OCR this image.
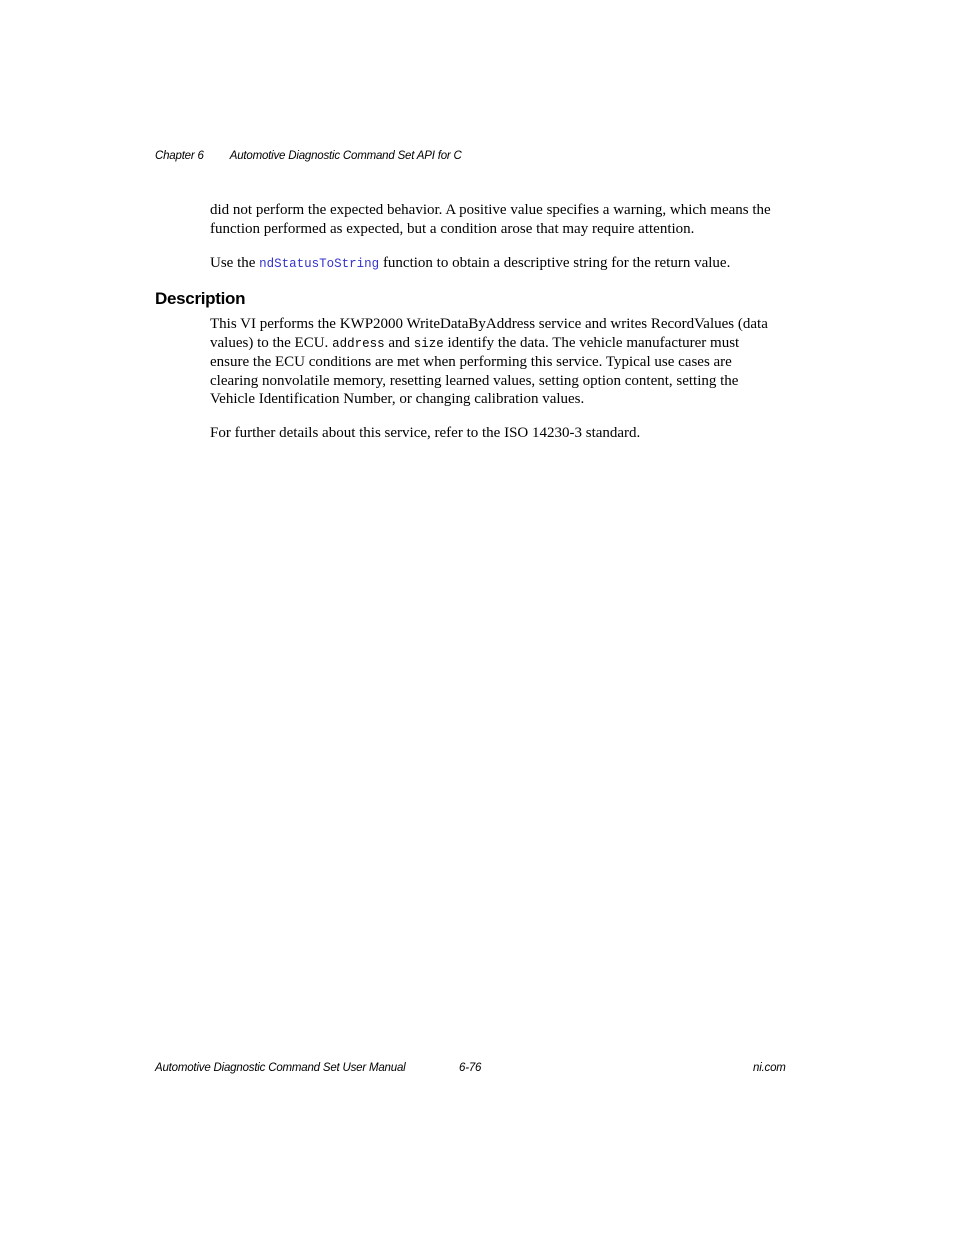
Chapter 6 Automotive Diagnostic Command Set API for C
did not perform the expected behavior. A positive value specifies a warning, which means the
function performed as expected, but a condition arose that may require attention.
Use the ndStatusToString function to obtain a descriptive string for the return value.
Description
This VI performs the KWP2000 WriteDataByAddress service and writes RecordValues (data
values) to the ECU. address and size identify the data. The vehicle manufacturer must
ensure the ECU conditions are met when performing this service. Typical use cases are
clearing nonvolatile memory, resetting learned values, setting option content, setting the
Vehicle Identification Number, or changing calibration values.
For further details about this service, refer to the ISO 14230-3 standard.
Automotive Diagnostic Command Set User Manual	6-76	ni.com
